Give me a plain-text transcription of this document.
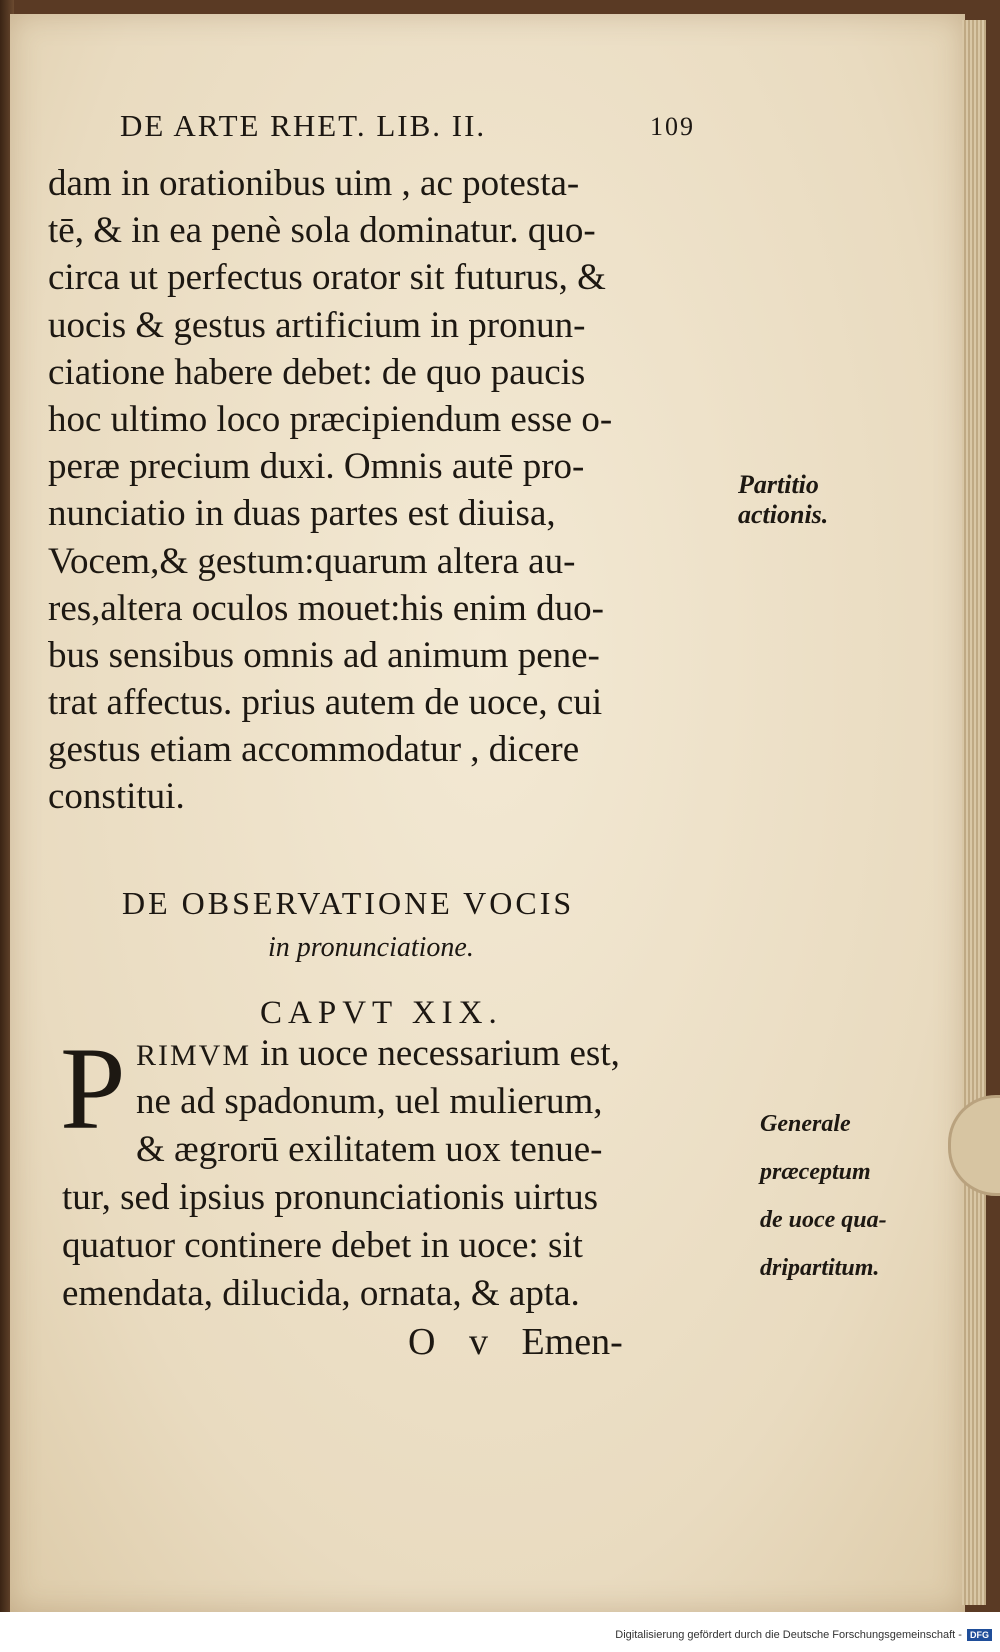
DE ARTE RHET. LIB. II.	109
dam in orationibus uim , ac potesta-
tē, & in ea penè sola dominatur. quo-
circa ut perfectus orator sit futurus, &
uocis & gestus artificium in pronun-
ciatione habere debet: de quo paucis
hoc ultimo loco præcipiendum esse o-
peræ precium duxi. Omnis autē pro-
nunciatio in duas partes est diuisa,
Vocem,& gestum:quarum altera au-
res,altera oculos mouet:his enim duo-
bus sensibus omnis ad animum pene-
trat affectus. prius autem de uoce, cui
gestus etiam accommodatur , dicere
constitui.
Partitio
actionis.
DE OBSERVATIONE VOCIS
in pronunciatione.
CAPVT XIX.
P RIMVM in uoce necessarium est,
ne ad spadonum, uel mulierum,
& ægrorū exilitatem uox tenue-
tur, sed ipsius pronunciationis uirtus
quatuor continere debet in uoce: sit
emendata, dilucida, ornata, & apta.
Generale
præceptum
de uoce qua-
dripartitum.
O v Emen-
Digitalisierung gefördert durch die Deutsche Forschungsgemeinschaft - DFG
